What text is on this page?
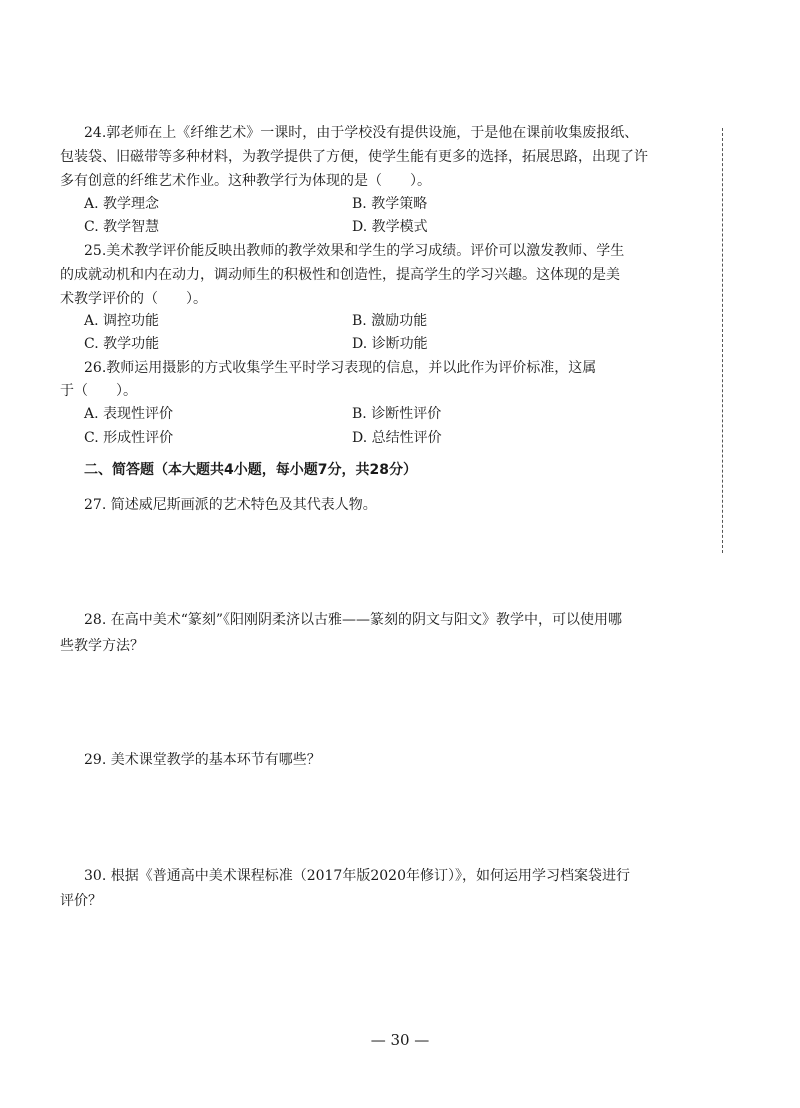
24.郭老师在上《纤维艺术》一课时，由于学校没有提供设施，于是他在课前收集废报纸、
包装袋、旧磁带等多种材料，为教学提供了方便，使学生能有更多的选择，拓展思路，出现了许
多有创意的纤维艺术作业。这种教学行为体现的是（　　）。
A. 教学理念	B. 教学策略
C. 教学智慧	D. 教学模式
25.美术教学评价能反映出教师的教学效果和学生的学习成绩。评价可以激发教师、学生
的成就动机和内在动力，调动师生的积极性和创造性，提高学生的学习兴趣。这体现的是美
术教学评价的（　　）。
A. 调控功能	B. 激励功能
C. 教学功能	D. 诊断功能
26.教师运用摄影的方式收集学生平时学习表现的信息，并以此作为评价标准，这属
于（　　）。
A. 表现性评价	B. 诊断性评价
C. 形成性评价	D. 总结性评价
二、简答题（本大题共4小题，每小题7分，共28分）
27. 简述威尼斯画派的艺术特色及其代表人物。
28. 在高中美术“篆刻”《阳刚阴柔济以古雅——篆刻的阴文与阳文》教学中，可以使用哪
些教学方法？
29. 美术课堂教学的基本环节有哪些？
30. 根据《普通高中美术课程标准（2017年版2020年修订）》，如何运用学习档案袋进行
评价？
— 30 —
